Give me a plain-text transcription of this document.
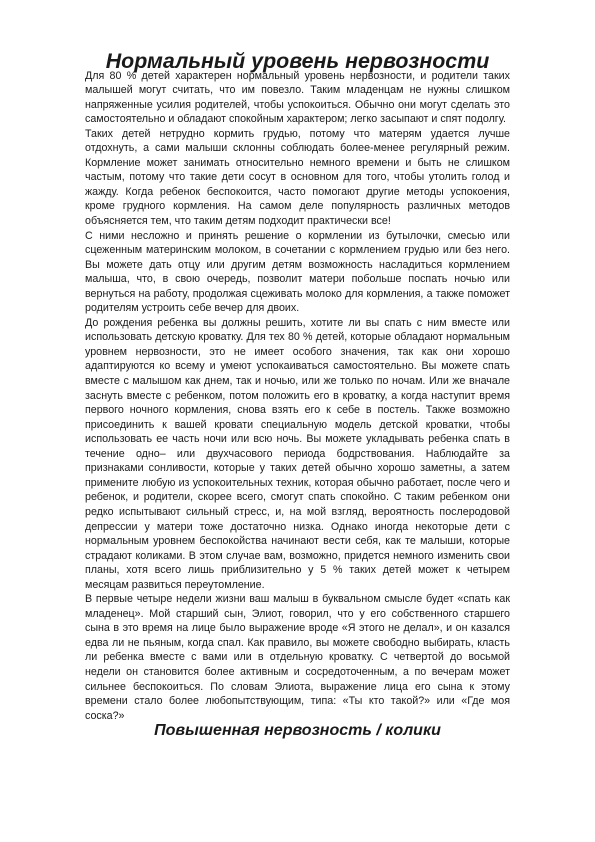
Нормальный уровень нервозности

Для 80 % детей характерен нормальный уровень нервозности, и родители таких малышей могут считать, что им повезло. Таким младенцам не нужны слишком напряженные усилия родителей, чтобы успокоиться. Обычно они могут сделать это самостоятельно и обладают спокойным характером; легко засыпают и спят подолгу.

Таких детей нетрудно кормить грудью, потому что матерям удается лучше отдохнуть, а сами малыши склонны соблюдать более-менее регулярный режим. Кормление может занимать относительно немного времени и быть не слишком частым, потому что такие дети сосут в основном для того, чтобы утолить голод и жажду. Когда ребенок беспокоится, часто помогают другие методы успокоения, кроме грудного кормления. На самом деле популярность различных методов объясняется тем, что таким детям подходит практически все!

С ними несложно и принять решение о кормлении из бутылочки, смесью или сцеженным материнским молоком, в сочетании с кормлением грудью или без него. Вы можете дать отцу или другим детям возможность насладиться кормлением малыша, что, в свою очередь, позволит матери побольше поспать ночью или вернуться на работу, продолжая сцеживать молоко для кормления, а также поможет родителям устроить себе вечер для двоих.

До рождения ребенка вы должны решить, хотите ли вы спать с ним вместе или использовать детскую кроватку. Для тех 80 % детей, которые обладают нормальным уровнем нервозности, это не имеет особого значения, так как они хорошо адаптируются ко всему и умеют успокаиваться самостоятельно. Вы можете спать вместе с малышом как днем, так и ночью, или же только по ночам. Или же вначале заснуть вместе с ребенком, потом положить его в кроватку, а когда наступит время первого ночного кормления, снова взять его к себе в постель. Также возможно присоединить к вашей кровати специальную модель детской кроватки, чтобы использовать ее часть ночи или всю ночь. Вы можете укладывать ребенка спать в течение одно– или двухчасового периода бодрствования. Наблюдайте за признаками сонливости, которые у таких детей обычно хорошо заметны, а затем примените любую из успокоительных техник, которая обычно работает, после чего и ребенок, и родители, скорее всего, смогут спать спокойно. С таким ребенком они редко испытывают сильный стресс, и, на мой взгляд, вероятность послеродовой депрессии у матери тоже достаточно низка. Однако иногда некоторые дети с нормальным уровнем беспокойства начинают вести себя, как те малыши, которые страдают коликами. В этом случае вам, возможно, придется немного изменить свои планы, хотя всего лишь приблизительно у 5 % таких детей может к четырем месяцам развиться переутомление.

В первые четыре недели жизни ваш малыш в буквальном смысле будет «спать как младенец». Мой старший сын, Элиот, говорил, что у его собственного старшего сына в это время на лице было выражение вроде «Я этого не делал», и он казался едва ли не пьяным, когда спал. Как правило, вы можете свободно выбирать, класть ли ребенка вместе с вами или в отдельную кроватку. С четвертой до восьмой недели он становится более активным и сосредоточенным, а по вечерам может сильнее беспокоиться. По словам Элиота, выражение лица его сына к этому времени стало более любопытствующим, типа: «Ты кто такой?» или «Где моя соска?»

Повышенная нервозность / колики
